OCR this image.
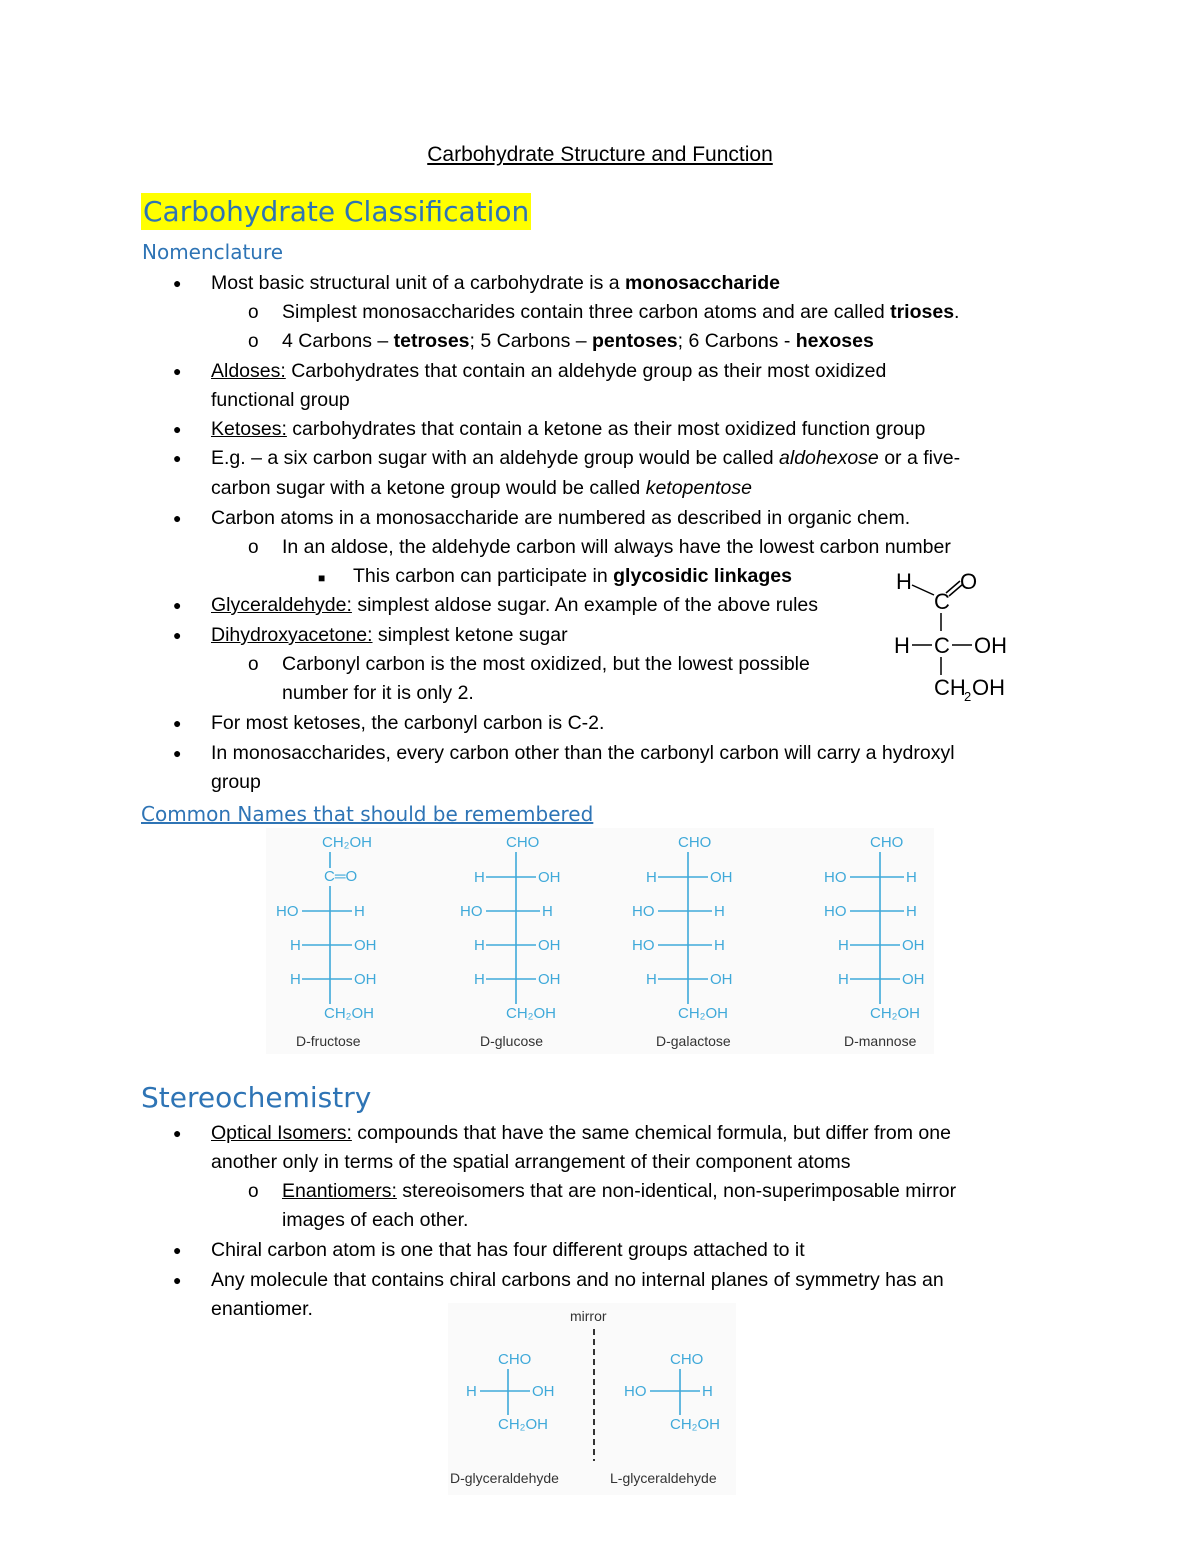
Carbohydrate Structure and Function
Carbohydrate Classification
Nomenclature
● Most basic structural unit of a carbohydrate is a monosaccharide
o Simplest monosaccharides contain three carbon atoms and are called trioses.
o 4 Carbons – tetroses; 5 Carbons – pentoses; 6 Carbons - hexoses
● Aldoses: Carbohydrates that contain an aldehyde group as their most oxidized
functional group
● Ketoses: carbohydrates that contain a ketone as their most oxidized function group
● E.g. – a six carbon sugar with an aldehyde group would be called aldohexose or a five-
carbon sugar with a ketone group would be called ketopentose
● Carbon atoms in a monosaccharide are numbered as described in organic chem.
o In an aldose, the aldehyde carbon will always have the lowest carbon number
■ This carbon can participate in glycosidic linkages
● Glyceraldehyde: simplest aldose sugar. An example of the above rules
● Dihydroxyacetone: simplest ketone sugar
o Carbonyl carbon is the most oxidized, but the lowest possible
number for it is only 2.
● For most ketoses, the carbonyl carbon is C-2.
● In monosaccharides, every carbon other than the carbonyl carbon will carry a hydroxyl
group
Common Names that should be remembered
H O
C
H C OH
CH
2 OH
CH₂OH
C═O
HO	H
H	OH
H	OH
CH₂OH
CHO
H	OH
HO	H
H	OH
H	OH
CH₂OH
CHO
H	OH
HO	H
HO	H
H	OH
CH₂OH
CHO
HO	H
HO	H
H	OH
H	OH
CH₂OH
D-fructose	D-glucose	D-galactose	D-mannose
Stereochemistry
● Optical Isomers: compounds that have the same chemical formula, but differ from one
another only in terms of the spatial arrangement of their component atoms
o Enantiomers: stereoisomers that are non-identical, non-superimposable mirror
images of each other.
● Chiral carbon atom is one that has four different groups attached to it
● Any molecule that contains chiral carbons and no internal planes of symmetry has an
enantiomer.	mirror
CHO
H	OH
CH₂OH
CHO
HO	H
CH₂OH
D-glyceraldehyde	L-glyceraldehyde
